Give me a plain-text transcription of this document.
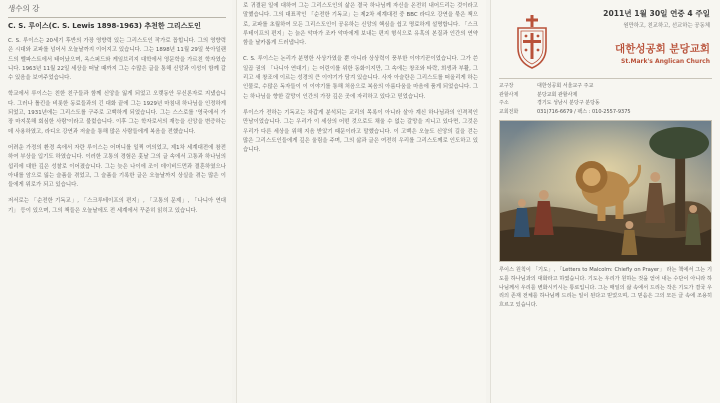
생수의 강
C. S. 루이스(C. S. Lewis 1898-1963) 추천한 그리스도인

C. S. 루이스는 20세기 후반의 가장 영향력 있는 그리스도인 작가로 꼽힙니다. 그의 영향력은 시대와 교파를 넘어서 오늘날까지 이어지고 있습니다. 그는 1898년 11월 29일 북아일랜드의 벨파스트에서 태어났으며, 옥스퍼드와 케임브리지 대학에서 영문학을 가르친 학자였습니다. 1963년 11월 22일 세상을 떠날 때까지 그는 수많은 글을 통해 신앙과 이성이 함께 갈 수 있음을 보여주었습니다.

학교에서 루이스는 친한 친구들과 함께 신앙을 잃게 되었고 오랫동안 무신론자로 지냈습니다. 그러나 톨킨을 비롯한 동료들과의 긴 대화 끝에 그는 1929년 마침내 하나님을 인정하게 되었고, 1931년에는 그리스도를 구주로 고백하게 되었습니다. 그는 스스로를 '영국에서 가장 마지못해 회심한 사람'이라고 불렀습니다. 이후 그는 학자로서의 재능을 신앙을 변증하는 데 사용하였고, 라디오 강연과 저술을 통해 많은 사람들에게 복음을 전했습니다.

어려운 가정의 환경 속에서 자란 루이스는 어머니를 일찍 여의었고, 제1차 세계대전에 참전하여 부상을 입기도 하였습니다. 이러한 고통의 경험은 훗날 그의 글 속에서 고통과 하나님의 섭리에 대한 깊은 성찰로 이어졌습니다. 그는 늦은 나이에 조이 데이비드먼과 결혼하였으나 아내를 암으로 잃는 슬픔을 겪었고, 그 슬픔을 기록한 글은 오늘날까지 상실을 겪는 많은 이들에게 위로가 되고 있습니다.

저서로는 「순전한 기독교」, 「스크루테이프의 편지」, 「고통의 문제」, 「나니아 연대기」 등이 있으며, 그의 책들은 오늘날에도 전 세계에서 꾸준히 읽히고 있습니다.

로 귀결된 일에 대하여 그는 그리스도인의 삶은 결국 하나님께 자신을 온전히 내어드리는 것이라고 말했습니다. 그의 대표작인 「순전한 기독교」는 제2차 세계대전 중 BBC 라디오 강연을 묶은 책으로, 교파를 초월하여 모든 그리스도인이 공유하는 신앙의 핵심을 쉽고 명료하게 설명합니다. 「스크루테이프의 편지」는 늙은 악마가 조카 악마에게 보내는 편지 형식으로 유혹의 본질과 인간의 연약함을 날카롭게 드러냅니다.

C. S. 루이스는 논리가 분명한 사상가였을 뿐 아니라 상상력이 풍부한 이야기꾼이었습니다. 그가 쓴 일곱 권의 「나니아 연대기」는 어린이를 위한 동화이지만, 그 속에는 창조와 타락, 희생과 부활, 그리고 새 창조에 이르는 성경의 큰 이야기가 담겨 있습니다. 사자 아슬란은 그리스도를 떠올리게 하는 인물로, 수많은 독자들이 이 이야기를 통해 처음으로 복음의 아름다움을 마음에 품게 되었습니다. 그는 하나님을 향한 갈망이 인간의 가장 깊은 곳에 자리하고 있다고 믿었습니다.

루이스가 전하는 기독교는 차갑게 분석되는 교리의 목록이 아니라 살아 계신 하나님과의 인격적인 만남이었습니다. 그는 우리가 이 세상의 어떤 것으로도 채울 수 없는 갈망을 지니고 있다면, 그것은 우리가 다른 세상을 위해 지음 받았기 때문이라고 말했습니다. 이 고백은 오늘도 신앙의 길을 걷는 많은 그리스도인들에게 깊은 울림을 주며, 그의 삶과 글은 여전히 우리를 그리스도께로 인도하고 있습니다.

2011년 1월 30일 연중 4 주일
원만하고, 친교하고, 선교하는 공동체
대한성공회 분당교회
St.Mark's Anglican Church
교구장	대한성공회 서울교구 주교
관할사제	분당교회 관할사제
주소	경기도 성남시 분당구 분당동
교회전화	031)716-6679 / 팩스 : 010-2557-9375
루이스 원칙이 「기도」, 「Letters to Malcolm: Chiefly on Prayer」 라는 책에서 그는 기도를 하나님과의 대화라고 하였습니다. 기도는 우리가 원하는 것을 얻어 내는 수단이 아니라 하나님께서 우리를 변화시키시는 통로입니다. 그는 매일의 삶 속에서 드리는 작은 기도가 결국 우리의 존재 전체를 하나님께 드리는 일이 된다고 믿었으며, 그 믿음은 그의 모든 글 속에 조용히 흐르고 있습니다.
